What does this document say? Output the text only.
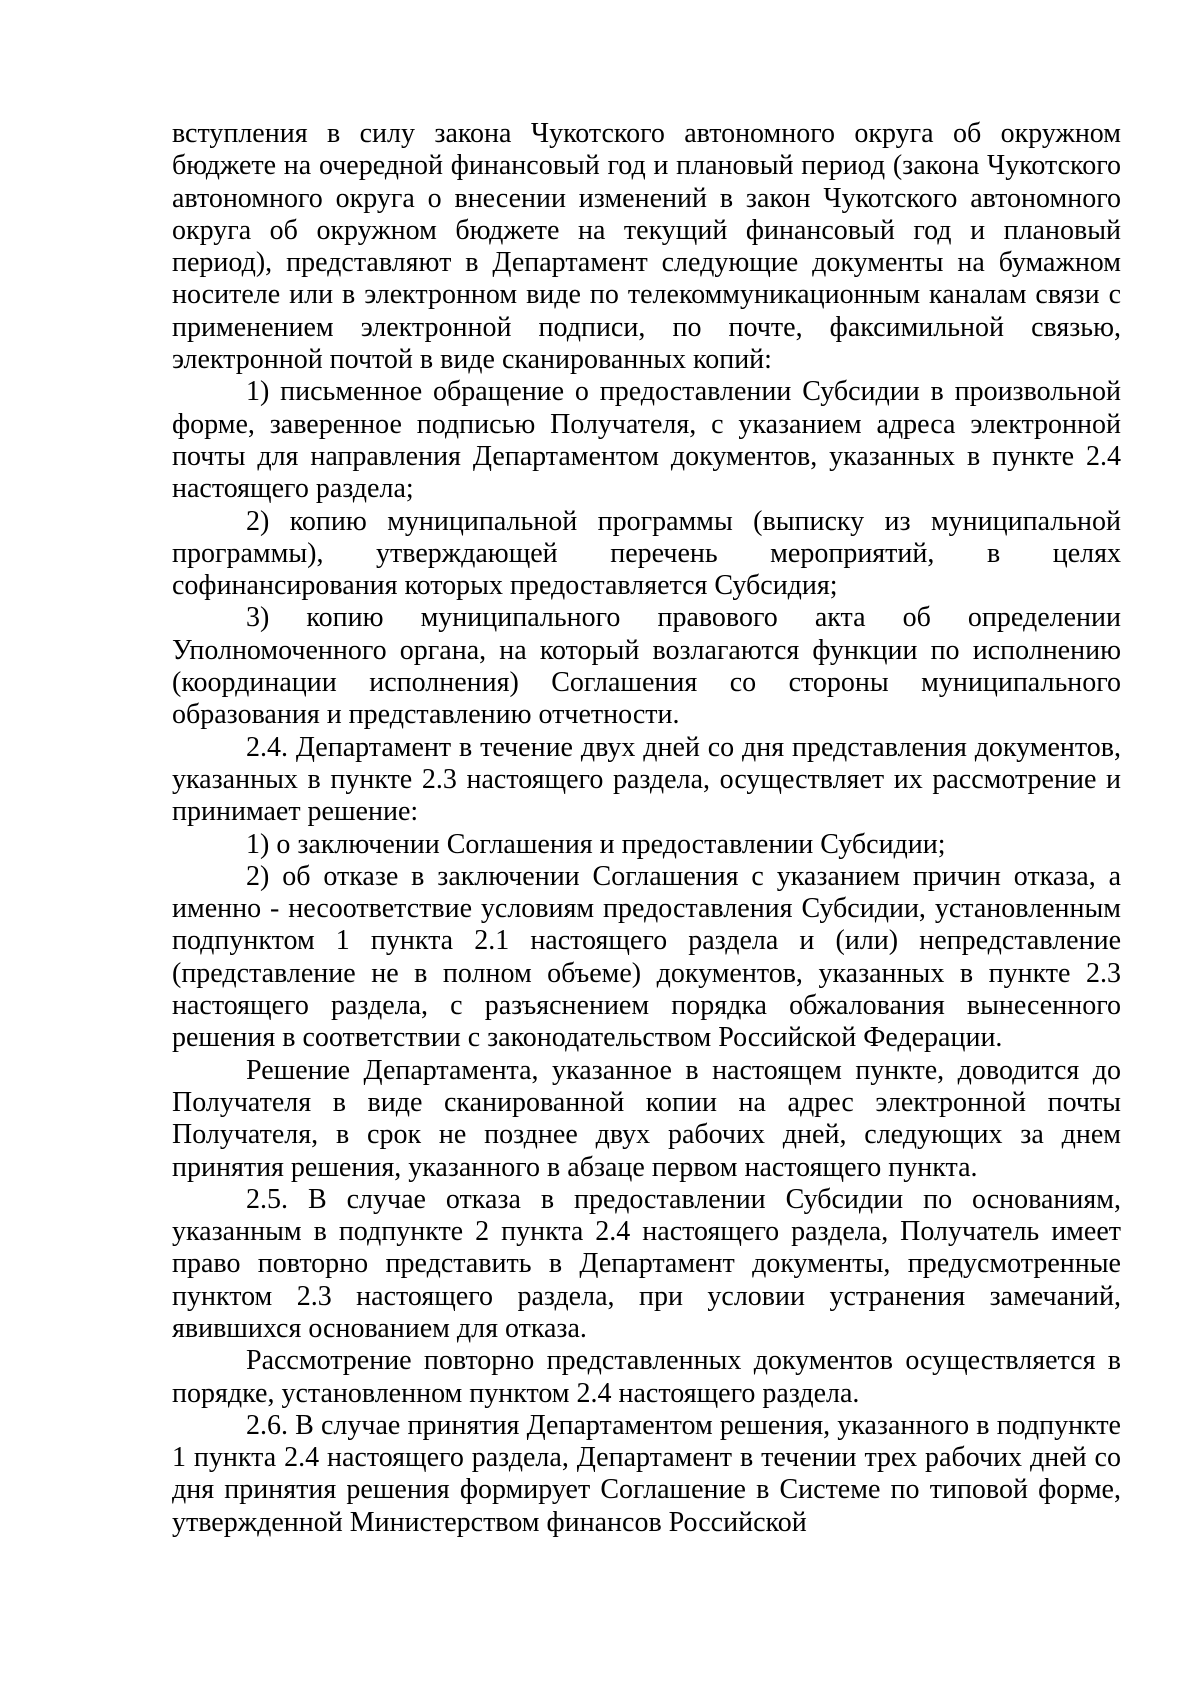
вступления в силу закона Чукотского автономного округа об окружном бюджете на очередной финансовый год и плановый период (закона Чукотского автономного округа о внесении изменений в закон Чукотского автономного округа об окружном бюджете на текущий финансовый год и плановый период), представляют в Департамент следующие документы на бумажном носителе или в электронном виде по телекоммуникационным каналам связи с применением электронной подписи, по почте, факсимильной связью, электронной почтой в виде сканированных копий:

1) письменное обращение о предоставлении Субсидии в произвольной форме, заверенное подписью Получателя, с указанием адреса электронной почты для направления Департаментом документов, указанных в пункте 2.4 настоящего раздела;

2) копию муниципальной программы (выписку из муниципальной программы), утверждающей перечень мероприятий, в целях софинансирования которых предоставляется Субсидия;

3) копию муниципального правового акта об определении Уполномоченного органа, на который возлагаются функции по исполнению (координации исполнения) Соглашения со стороны муниципального образования и представлению отчетности.

2.4. Департамент в течение двух дней со дня представления документов, указанных в пункте 2.3 настоящего раздела, осуществляет их рассмотрение и принимает решение:

1) о заключении Соглашения и предоставлении Субсидии;

2) об отказе в заключении Соглашения с указанием причин отказа, а именно - несоответствие условиям предоставления Субсидии, установленным подпунктом 1 пункта 2.1 настоящего раздела и (или) непредставление (представление не в полном объеме) документов, указанных в пункте 2.3 настоящего раздела, с разъяснением порядка обжалования вынесенного решения в соответствии с законодательством Российской Федерации.

Решение Департамента, указанное в настоящем пункте, доводится до Получателя в виде сканированной копии на адрес электронной почты Получателя, в срок не позднее двух рабочих дней, следующих за днем принятия решения, указанного в абзаце первом настоящего пункта.

2.5. В случае отказа в предоставлении Субсидии по основаниям, указанным в подпункте 2 пункта 2.4 настоящего раздела, Получатель имеет право повторно представить в Департамент документы, предусмотренные пунктом 2.3 настоящего раздела, при условии устранения замечаний, явившихся основанием для отказа.

Рассмотрение повторно представленных документов осуществляется в порядке, установленном пунктом 2.4 настоящего раздела.

2.6. В случае принятия Департаментом решения, указанного в подпункте 1 пункта 2.4 настоящего раздела, Департамент в течении трех рабочих дней со дня принятия решения формирует Соглашение в Системе по типовой форме, утвержденной Министерством финансов Российской
